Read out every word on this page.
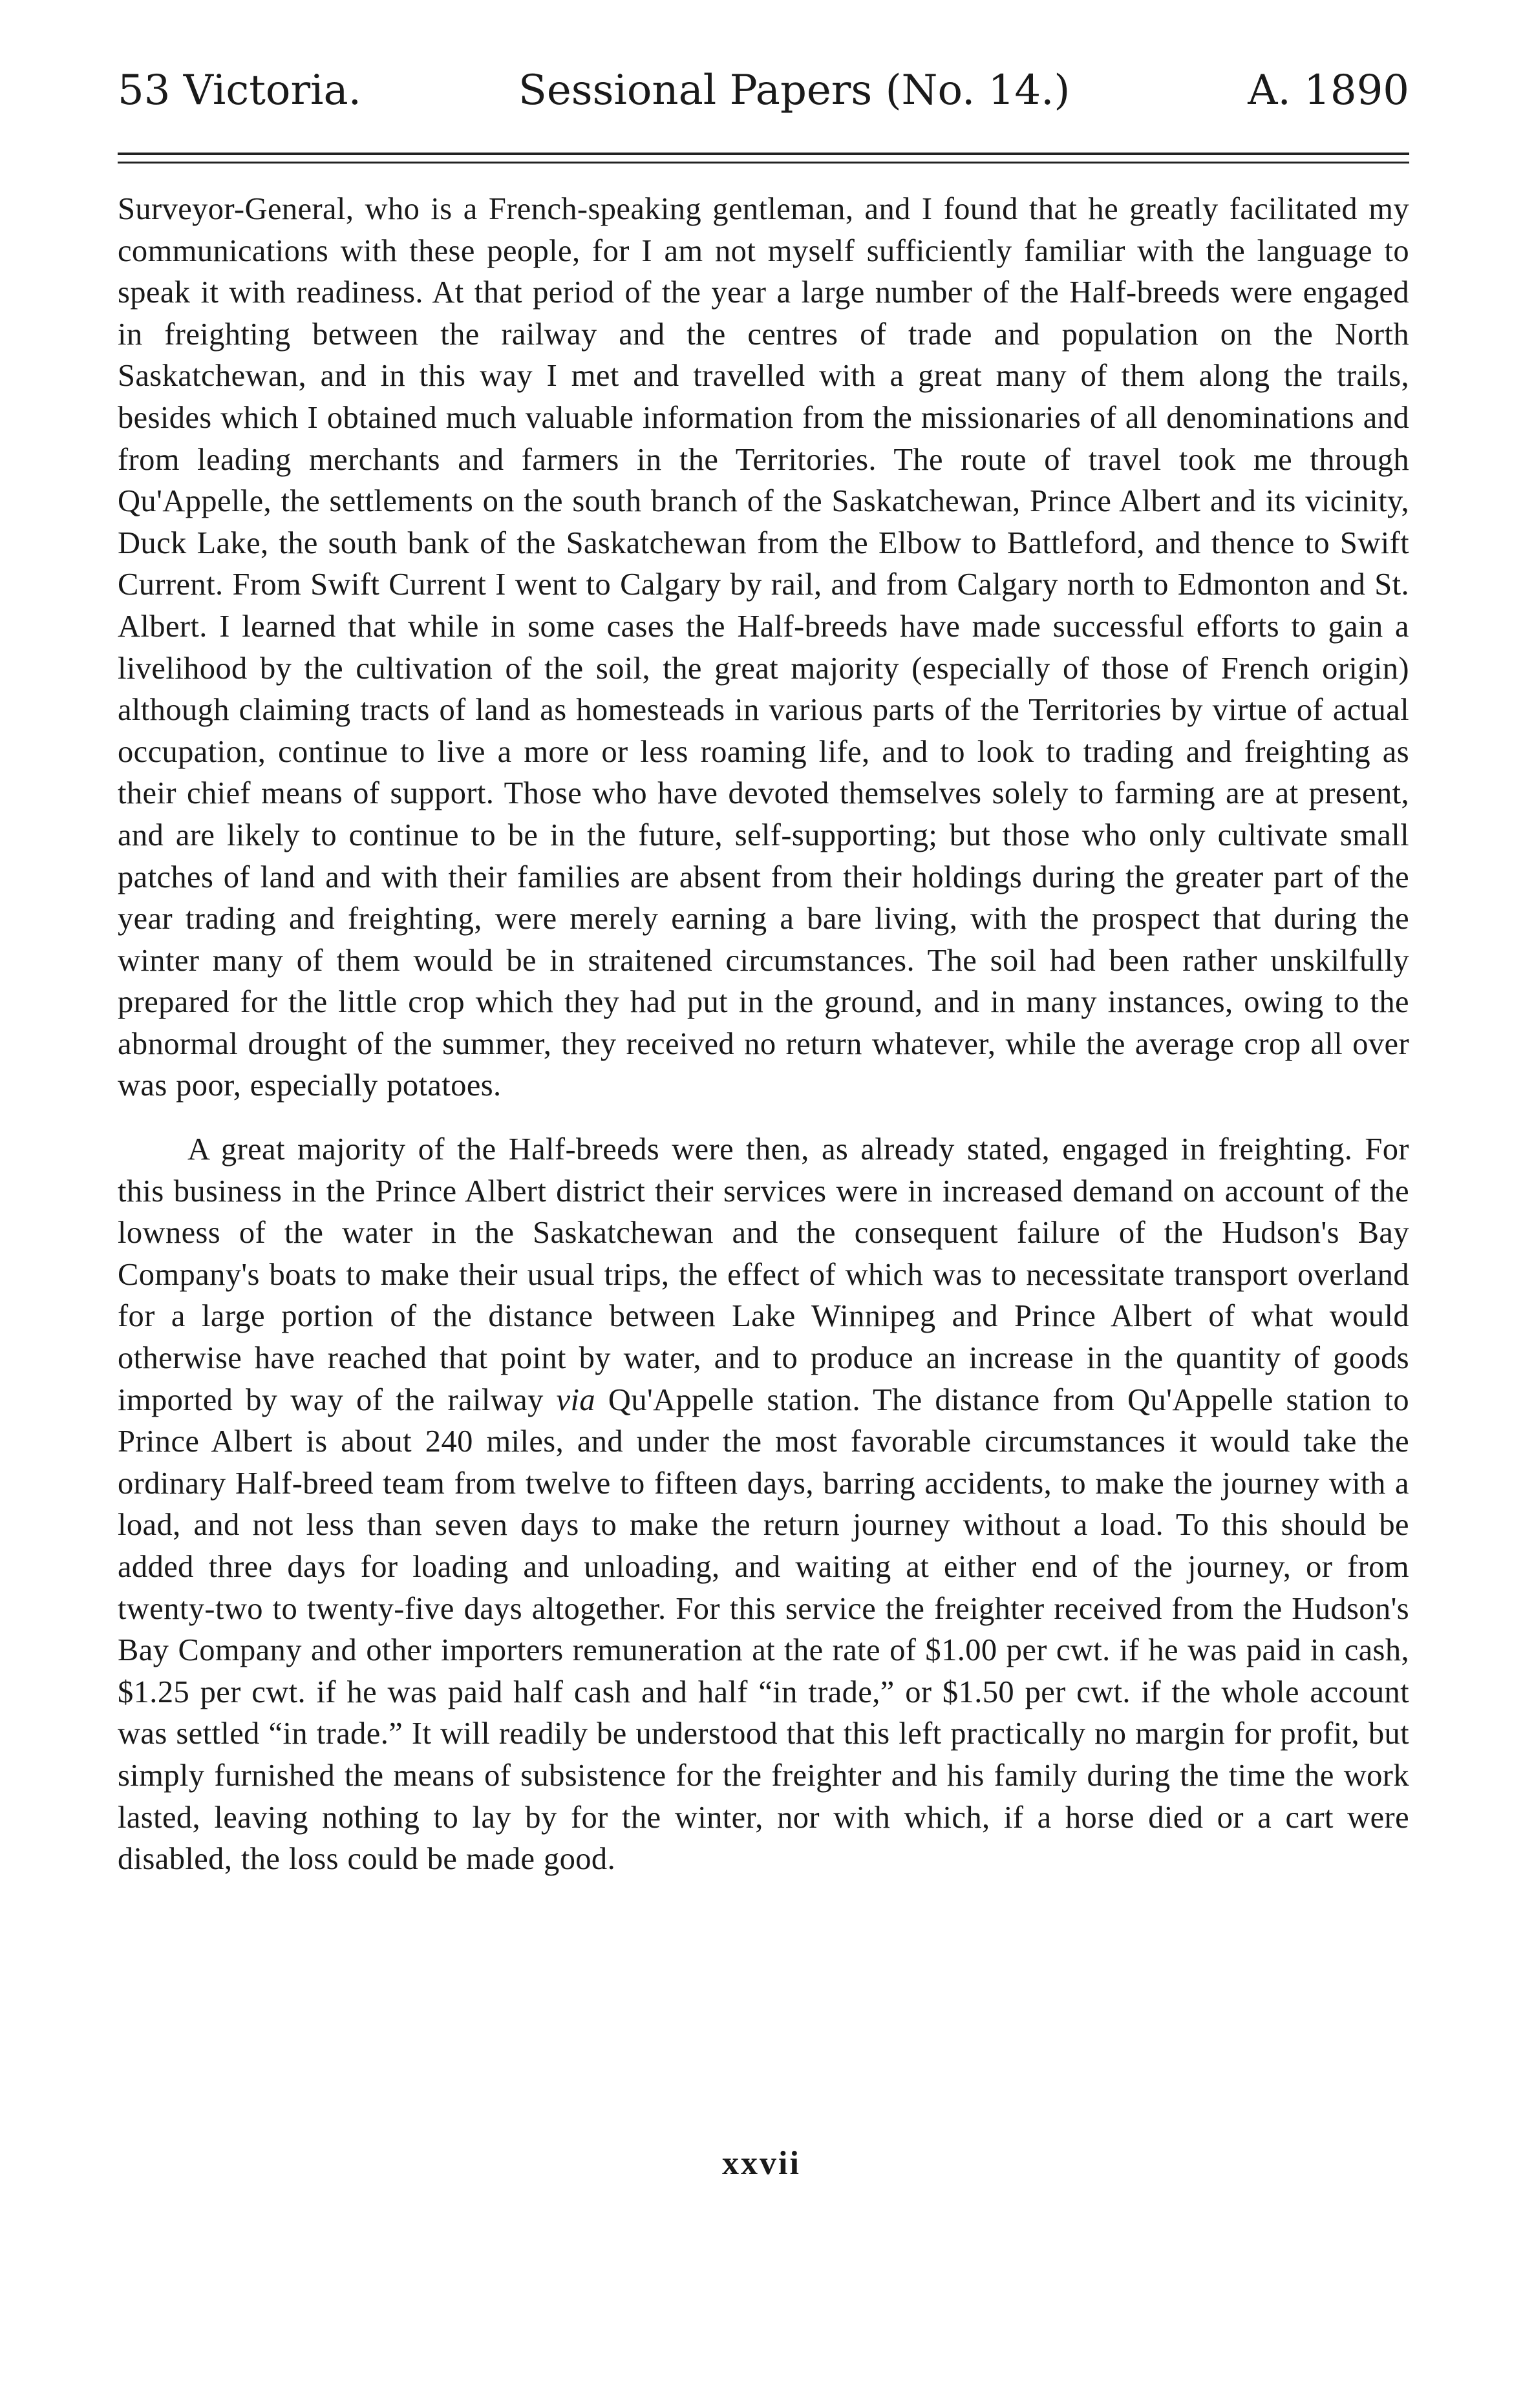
53 Victoria.	Sessional Papers (No. 14.)	A. 1890

Surveyor-General, who is a French-speaking gentleman, and I found that he greatly facilitated my communications with these people, for I am not myself sufficiently familiar with the language to speak it with readiness. At that period of the year a large number of the Half-breeds were engaged in freighting between the railway and the centres of trade and population on the North Saskatchewan, and in this way I met and travelled with a great many of them along the trails, besides which I obtained much valuable information from the missionaries of all denominations and from leading merchants and farmers in the Territories. The route of travel took me through Qu'Appelle, the settlements on the south branch of the Saskatchewan, Prince Albert and its vicinity, Duck Lake, the south bank of the Saskatchewan from the Elbow to Battleford, and thence to Swift Current. From Swift Current I went to Calgary by rail, and from Calgary north to Edmonton and St. Albert. I learned that while in some cases the Half-breeds have made successful efforts to gain a livelihood by the cultivation of the soil, the great majority (especially of those of French origin) although claiming tracts of land as homesteads in various parts of the Territories by virtue of actual occupation, continue to live a more or less roaming life, and to look to trading and freighting as their chief means of support. Those who have devoted themselves solely to farming are at present, and are likely to continue to be in the future, self-supporting; but those who only cultivate small patches of land and with their families are absent from their holdings during the greater part of the year trading and freighting, were merely earning a bare living, with the prospect that during the winter many of them would be in straitened circumstances. The soil had been rather unskilfully prepared for the little crop which they had put in the ground, and in many instances, owing to the abnormal drought of the summer, they received no return whatever, while the average crop all over was poor, especially potatoes.

A great majority of the Half-breeds were then, as already stated, engaged in freighting. For this business in the Prince Albert district their services were in increased demand on account of the lowness of the water in the Saskatchewan and the consequent failure of the Hudson's Bay Company's boats to make their usual trips, the effect of which was to necessitate transport overland for a large portion of the distance between Lake Winnipeg and Prince Albert of what would otherwise have reached that point by water, and to produce an increase in the quantity of goods imported by way of the railway via Qu'Appelle station. The distance from Qu'Appelle station to Prince Albert is about 240 miles, and under the most favorable circumstances it would take the ordinary Half-breed team from twelve to fifteen days, barring accidents, to make the journey with a load, and not less than seven days to make the return journey without a load. To this should be added three days for loading and unloading, and waiting at either end of the journey, or from twenty-two to twenty-five days altogether. For this service the freighter received from the Hudson's Bay Company and other importers remuneration at the rate of $1.00 per cwt. if he was paid in cash, $1.25 per cwt. if he was paid half cash and half “in trade,” or $1.50 per cwt. if the whole account was settled “in trade.” It will readily be understood that this left practically no margin for profit, but simply furnished the means of subsistence for the freighter and his family during the time the work lasted, leaving nothing to lay by for the winter, nor with which, if a horse died or a cart were disabled, the loss could be made good.

xxvii
